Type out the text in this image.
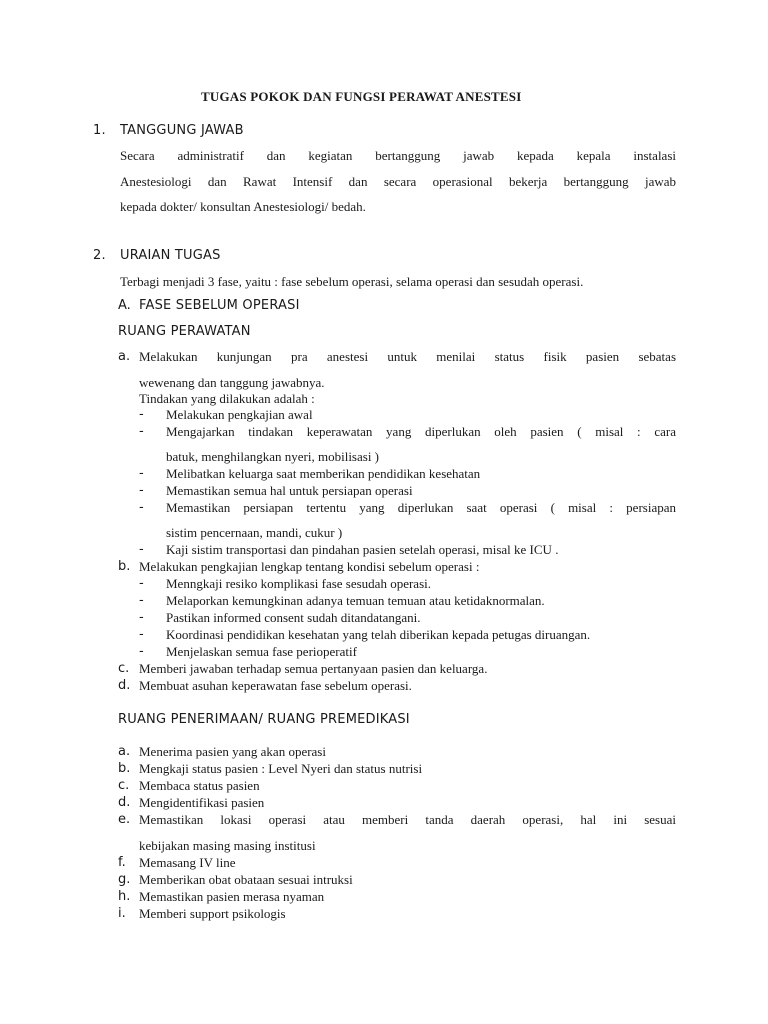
TUGAS POKOK DAN FUNGSI PERAWAT ANESTESI
1. TANGGUNG JAWAB
Secara administratif dan kegiatan bertanggung jawab kepada kepala instalasi
Anestesiologi dan Rawat Intensif dan secara operasional bekerja bertanggung jawab
kepada dokter/ konsultan Anestesiologi/ bedah.
2. URAIAN TUGAS
Terbagi menjadi 3 fase, yaitu : fase sebelum operasi, selama operasi dan sesudah operasi.
A. FASE SEBELUM OPERASI
RUANG PERAWATAN
a. Melakukan kunjungan pra anestesi untuk menilai status fisik pasien sebatas
wewenang dan tanggung jawabnya.
Tindakan yang dilakukan adalah :
- Melakukan pengkajian awal
- Mengajarkan tindakan keperawatan yang diperlukan oleh pasien ( misal : cara
batuk, menghilangkan nyeri, mobilisasi )
- Melibatkan keluarga saat memberikan pendidikan kesehatan
- Memastikan semua hal untuk persiapan operasi
- Memastikan persiapan tertentu yang diperlukan saat operasi ( misal : persiapan
sistim pencernaan, mandi, cukur )
- Kaji sistim transportasi dan pindahan pasien setelah operasi, misal ke ICU .
b. Melakukan pengkajian lengkap tentang kondisi sebelum operasi :
- Menngkaji resiko komplikasi fase sesudah operasi.
- Melaporkan kemungkinan adanya temuan temuan atau ketidaknormalan.
- Pastikan informed consent sudah ditandatangani.
- Koordinasi pendidikan kesehatan yang telah diberikan kepada petugas diruangan.
- Menjelaskan semua fase perioperatif
c. Memberi jawaban terhadap semua pertanyaan pasien dan keluarga.
d. Membuat asuhan keperawatan fase sebelum operasi.
RUANG PENERIMAAN/ RUANG PREMEDIKASI
a. Menerima pasien yang akan operasi
b. Mengkaji status pasien : Level Nyeri dan status nutrisi
c. Membaca status pasien
d. Mengidentifikasi pasien
e. Memastikan lokasi operasi atau memberi tanda daerah operasi, hal ini sesuai
kebijakan masing masing institusi
f. Memasang IV line
g. Memberikan obat obataan sesuai intruksi
h. Memastikan pasien merasa nyaman
i. Memberi support psikologis
